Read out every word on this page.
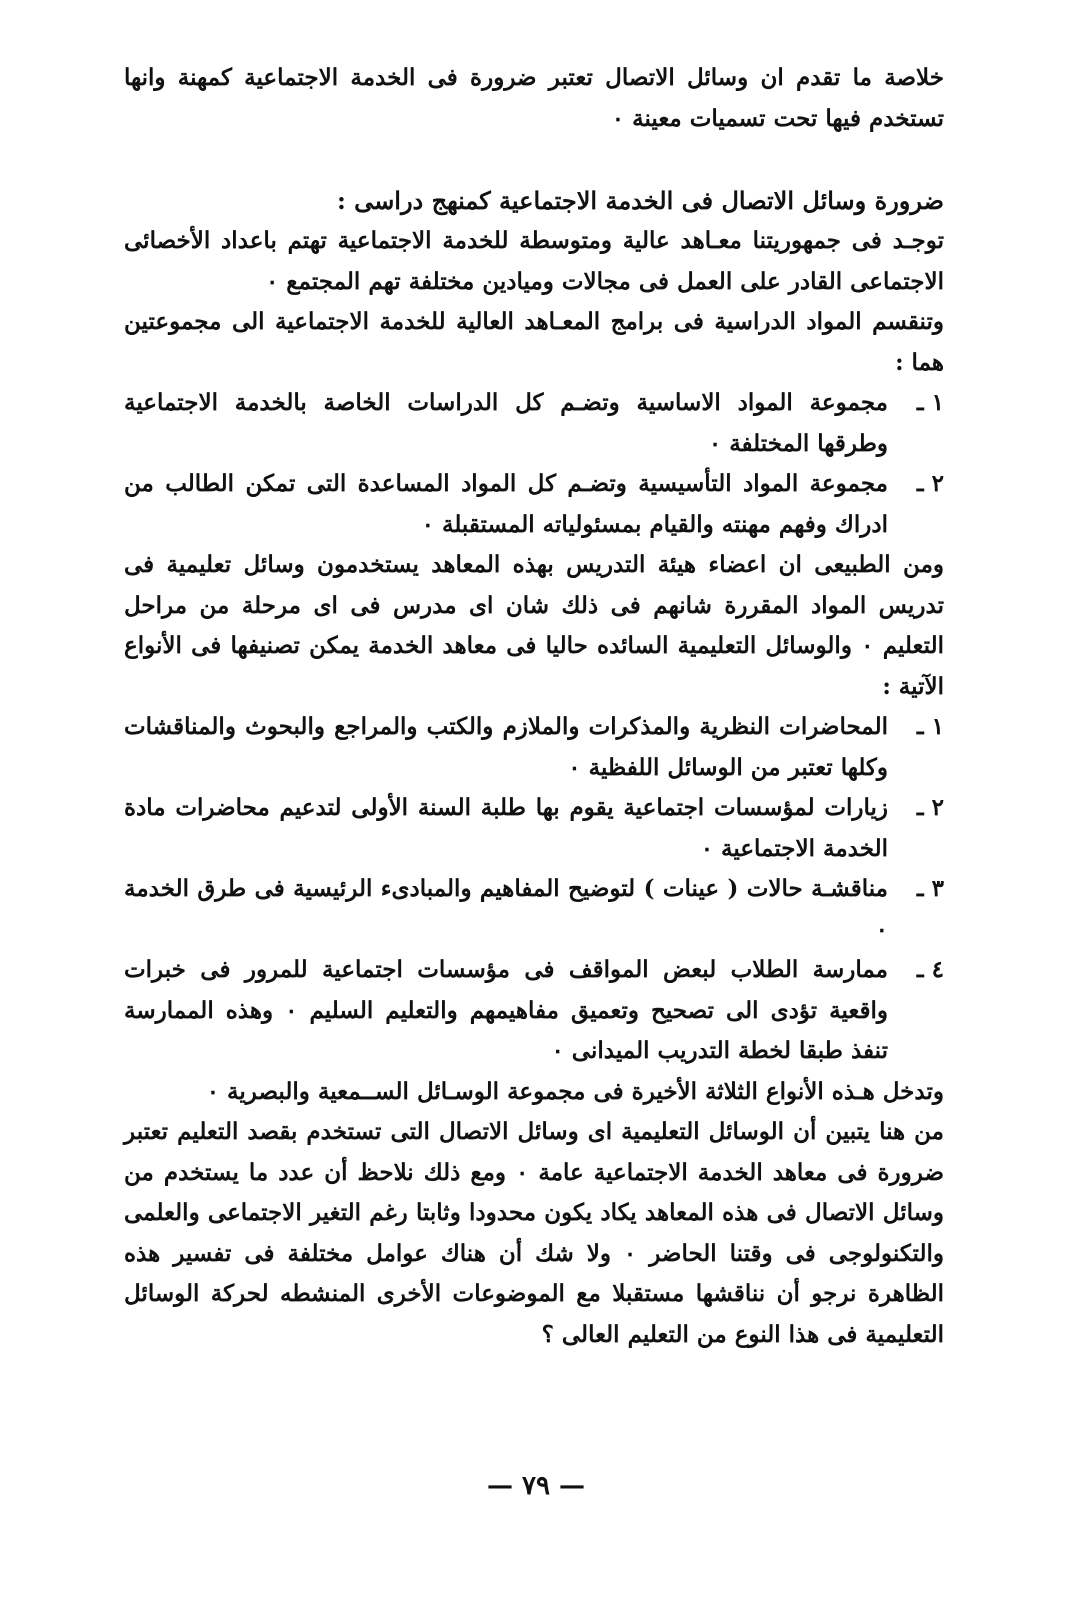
خلاصة ما تقدم ان وسائل الاتصال تعتبر ضرورة فى الخدمة الاجتماعية كمهنة وانها تستخدم فيها تحت تسميات معينة ٠

ضرورة وسائل الاتصال فى الخدمة الاجتماعية كمنهج دراسى :

توجـد فى جمهوريتنا معـاهد عالية ومتوسطة للخدمة الاجتماعية تهتم باعداد الأخصائى الاجتماعى القادر على العمل فى مجالات وميادين مختلفة تهم المجتمع ٠

وتنقسم المواد الدراسية فى برامج المعـاهد العالية للخدمة الاجتماعية الى مجموعتين هما :

١ ـ
مجموعة المواد الاساسية وتضـم كل الدراسات الخاصة بالخدمة الاجتماعية وطرقها المختلفة ٠
٢ ـ
مجموعة المواد التأسيسية وتضـم كل المواد المساعدة التى تمكن الطالب من ادراك وفهم مهنته والقيام بمسئولياته المستقبلة ٠

ومن الطبيعى ان اعضاء هيئة التدريس بهذه المعاهد يستخدمون وسائل تعليمية فى تدريس المواد المقررة شانهم فى ذلك شان اى مدرس فى اى مرحلة من مراحل التعليم ٠ والوسائل التعليمية السائده حاليا فى معاهد الخدمة يمكن تصنيفها فى الأنواع الآتية :

١ ـ
المحاضرات النظرية والمذكرات والملازم والكتب والمراجع والبحوث والمناقشات وكلها تعتبر من الوسائل اللفظية ٠
٢ ـ
زيارات لمؤسسات اجتماعية يقوم بها طلبة السنة الأولى لتدعيم محاضرات مادة الخدمة الاجتماعية ٠
٣ ـ
مناقشـة حالات ( عينات ) لتوضيح المفاهيم والمبادىء الرئيسية فى طرق الخدمة ٠
٤ ـ
ممارسة الطلاب لبعض المواقف فى مؤسسات اجتماعية للمرور فى خبرات واقعية تؤدى الى تصحيح وتعميق مفاهيمهم والتعليم السليم ٠ وهذه الممارسة تنفذ طبقا لخطة التدريب الميدانى ٠

وتدخل هـذه الأنواع الثلاثة الأخيرة فى مجموعة الوسـائل الســمعية والبصرية ٠

من هنا يتبين أن الوسائل التعليمية اى وسائل الاتصال التى تستخدم بقصد التعليم تعتبر ضرورة فى معاهد الخدمة الاجتماعية عامة ٠ ومع ذلك نلاحظ أن عدد ما يستخدم من وسائل الاتصال فى هذه المعاهد يكاد يكون محدودا وثابتا رغم التغير الاجتماعى والعلمى والتكنولوجى فى وقتنا الحاضر ٠ ولا شك أن هناك عوامل مختلفة فى تفسير هذه الظاهرة نرجو أن نناقشها مستقبلا مع الموضوعات الأخرى المنشطه لحركة الوسائل التعليمية فى هذا النوع من التعليم العالى ؟

— ٧٩ —
